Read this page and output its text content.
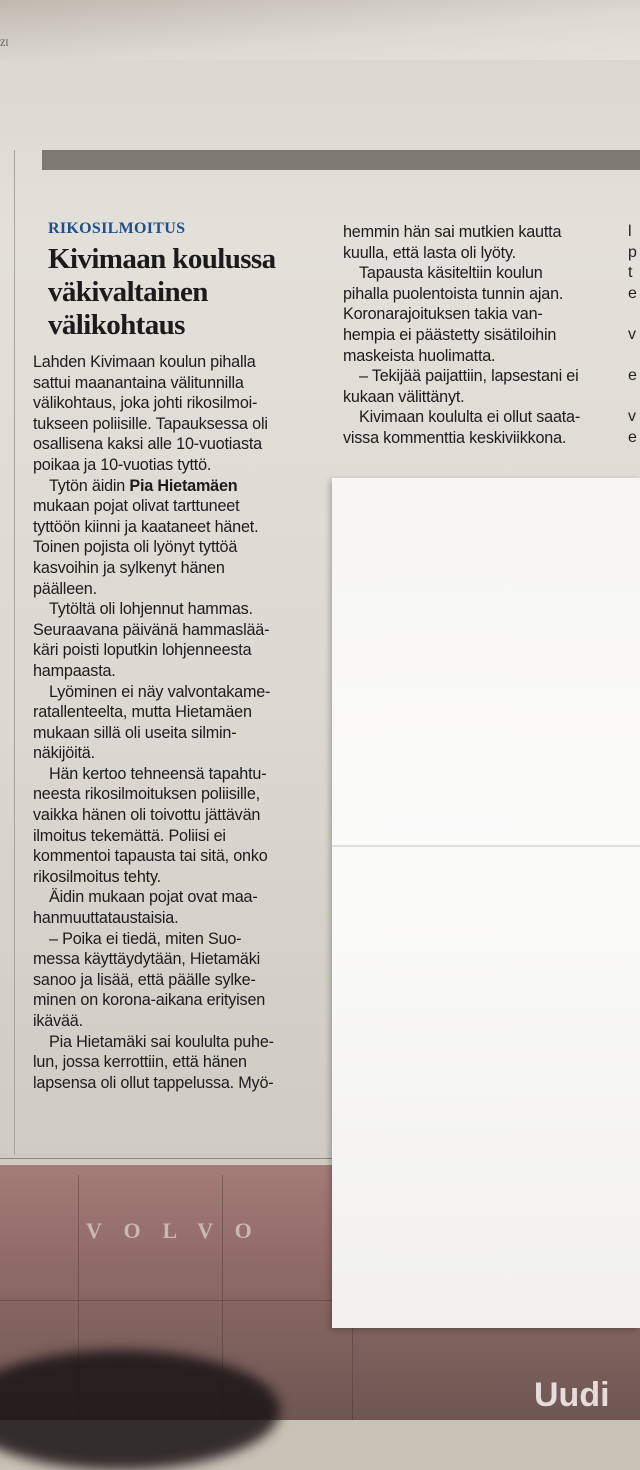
VOLVO
Uudi
ZI
RIKOSILMOITUS
Kivimaan koulussa
väkivaltainen
välikohtaus
Lahden Kivimaan koulun pihalla
sattui maanantaina välitunnilla
välikohtaus, joka johti rikosilmoi-
tukseen poliisille. Tapauksessa oli
osallisena kaksi alle 10-vuotiasta
poikaa ja 10-vuotias tyttö.
Tytön äidin Pia Hietamäen
mukaan pojat olivat tarttuneet
tyttöön kiinni ja kaataneet hänet.
Toinen pojista oli lyönyt tyttöä
kasvoihin ja sylkenyt hänen
päälleen.
Tytöltä oli lohjennut hammas.
Seuraavana päivänä hammaslää-
käri poisti loputkin lohjenneesta
hampaasta.
Lyöminen ei näy valvontakame-
ratallenteelta, mutta Hietamäen
mukaan sillä oli useita silmin-
näkijöitä.
Hän kertoo tehneensä tapahtu-
neesta rikosilmoituksen poliisille,
vaikka hänen oli toivottu jättävän
ilmoitus tekemättä. Poliisi ei
kommentoi tapausta tai sitä, onko
rikosilmoitus tehty.
Äidin mukaan pojat ovat maa-
hanmuuttataustaisia.
– Poika ei tiedä, miten Suo-
messa käyttäydytään, Hietamäki
sanoo ja lisää, että päälle sylke-
minen on korona-aikana erityisen
ikävää.
Pia Hietamäki sai koululta puhe-
lun, jossa kerrottiin, että hänen
lapsensa oli ollut tappelussa. Myö-
hemmin hän sai mutkien kautta
kuulla, että lasta oli lyöty.
Tapausta käsiteltiin koulun
pihalla puolentoista tunnin ajan.
Koronarajoituksen takia van-
hempia ei päästetty sisätiloihin
maskeista huolimatta.
– Tekijää paijattiin, lapsestani ei
kukaan välittänyt.
Kivimaan koululta ei ollut saata-
vissa kommenttia keskiviikkona.
l
p
t
e

v

e

v
e
